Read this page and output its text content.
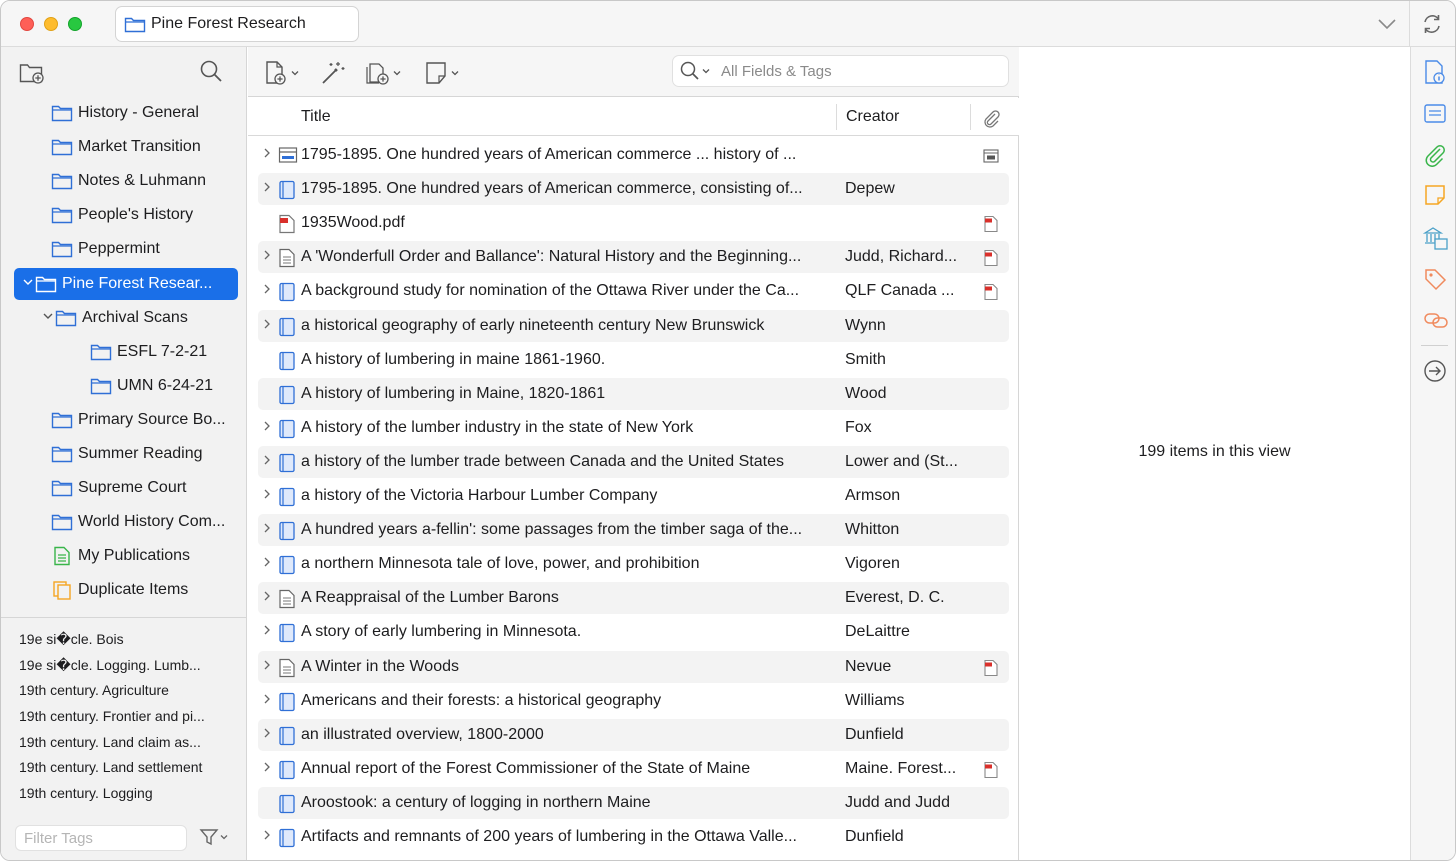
Pine Forest Research
History - General
Market Transition
Notes & Luhmann
People's History
Peppermint
Pine Forest Resear...
Archival Scans
ESFL 7-2-21
UMN 6-24-21
Primary Source Bo...
Summer Reading
Supreme Court
World History Com...
My Publications
Duplicate Items
19e si�cle. Bois
19e si�cle. Logging. Lumb...
19th century. Agriculture
19th century. Frontier and pi...
19th century. Land claim as...
19th century. Land settlement
19th century. Logging
Filter Tags
All Fields & Tags
Title	Creator
1795-1895. One hundred years of American commerce ... history of ...
1795-1895. One hundred years of American commerce, consisting of...	Depew
1935Wood.pdf
A 'Wonderfull Order and Ballance': Natural History and the Beginning...	Judd, Richard...
A background study for nomination of the Ottawa River under the Ca...	QLF Canada ...
a historical geography of early nineteenth century New Brunswick	Wynn
A history of lumbering in maine 1861-1960.	Smith
A history of lumbering in Maine, 1820-1861	Wood
A history of the lumber industry in the state of New York	Fox
a history of the lumber trade between Canada and the United States	Lower and (St...
a history of the Victoria Harbour Lumber Company	Armson
A hundred years a-fellin': some passages from the timber saga of the...	Whitton
a northern Minnesota tale of love, power, and prohibition	Vigoren
A Reappraisal of the Lumber Barons	Everest, D. C.
A story of early lumbering in Minnesota.	DeLaittre
A Winter in the Woods	Nevue
Americans and their forests: a historical geography	Williams
an illustrated overview, 1800-2000	Dunfield
Annual report of the Forest Commissioner of the State of Maine	Maine. Forest...
Aroostook: a century of logging in northern Maine	Judd and Judd
Artifacts and remnants of 200 years of lumbering in the Ottawa Valle...	Dunfield
199 items in this view
